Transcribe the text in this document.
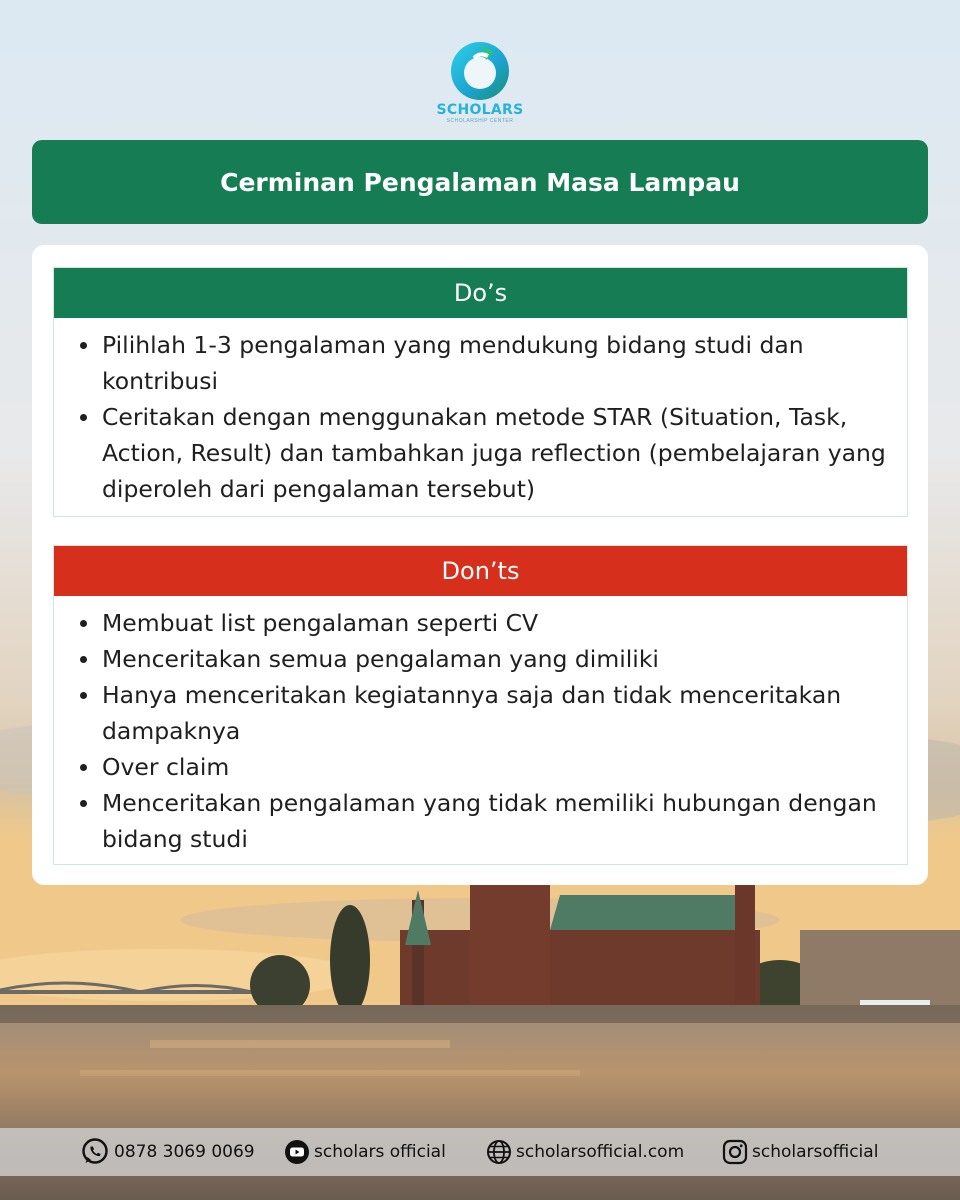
SCHOLARS
SCHOLARSHIP CENTER
Cerminan Pengalaman Masa Lampau
Do’s
Pilihlah 1-3 pengalaman yang mendukung bidang studi dan kontribusi
Ceritakan dengan menggunakan metode STAR (Situation, Task, Action, Result) dan tambahkan juga reflection (pembelajaran yang diperoleh dari pengalaman tersebut)
Don’ts
Membuat list pengalaman seperti CV
Menceritakan semua pengalaman yang dimiliki
Hanya menceritakan kegiatannya saja dan tidak menceritakan dampaknya
Over claim
Menceritakan pengalaman yang tidak memiliki hubungan dengan bidang studi
0878 3069 0069	scholars official	scholarsofficial.com	scholarsofficial
